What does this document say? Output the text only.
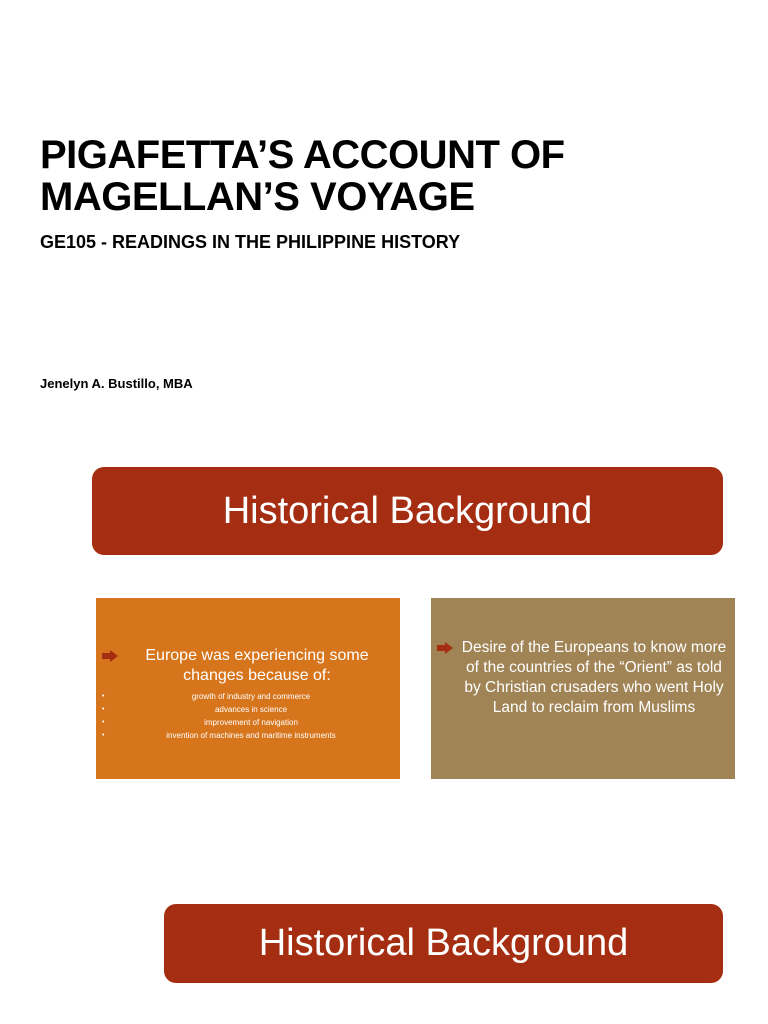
PIGAFETTA’S ACCOUNT OF
MAGELLAN’S VOYAGE
GE105 - READINGS IN THE PHILIPPINE HISTORY

Jenelyn A. Bustillo, MBA

Historical Background
Europe was experiencing some changes because of:
•	growth of industry and commerce
•	advances in science
•	improvement of navigation
•	invention of machines and maritime instruments
Desire of the Europeans to know more of the countries of the “Orient” as told by Christian crusaders who went Holy Land to reclaim from Muslims
Historical Background
